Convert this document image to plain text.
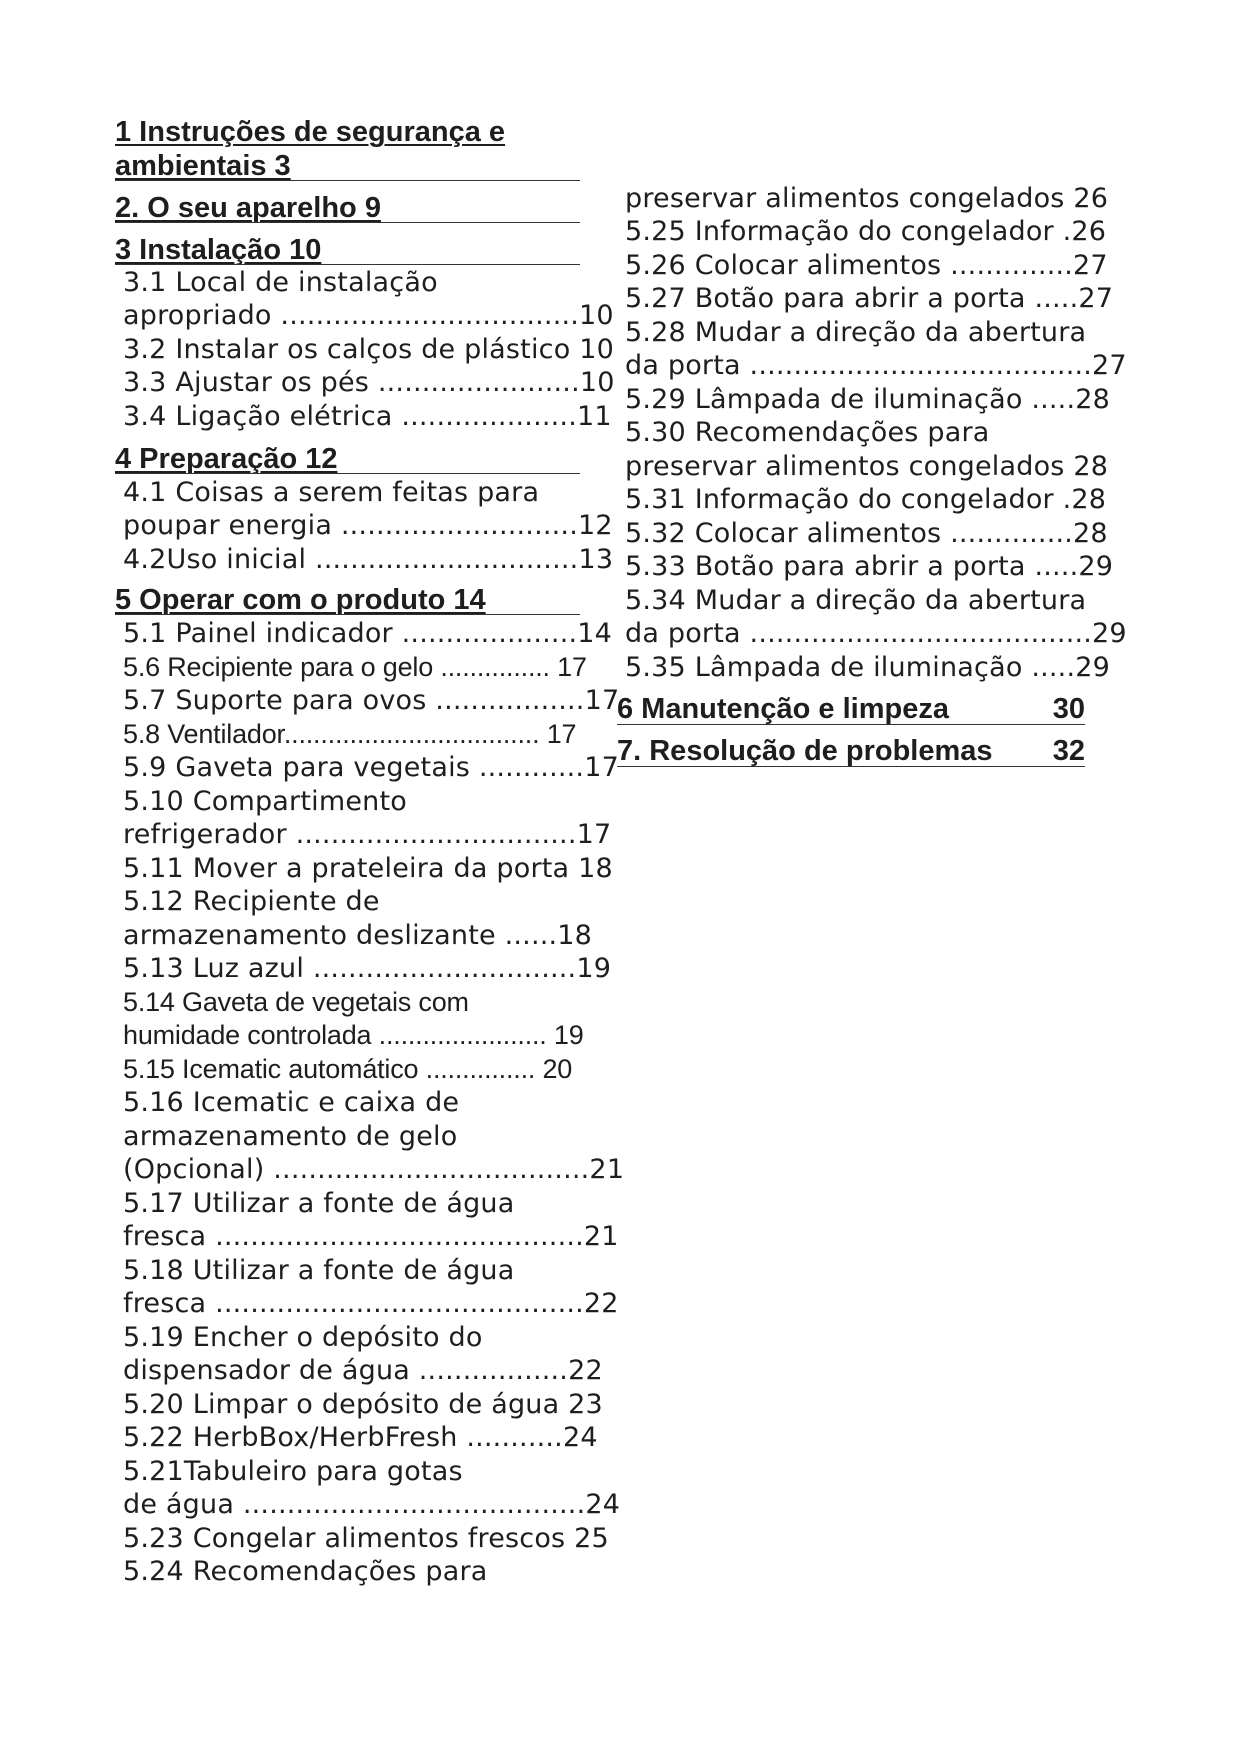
1 Instruções de segurança e
ambientais 3
2. O seu aparelho 9
3 Instalação 10
3.1 Local de instalação
apropriado ..................................10
3.2 Instalar os calços de plástico 10
3.3 Ajustar os pés .......................10
3.4 Ligação elétrica ....................11
4 Preparação 12
4.1 Coisas a serem feitas para
poupar energia ...........................12
4.2Uso inicial ..............................13
5 Operar com o produto 14
5.1 Painel indicador ....................14
5.6 Recipiente para o gelo ............... 17
5.7 Suporte para ovos .................17
5.8 Ventilador................................... 17
5.9 Gaveta para vegetais ............17
5.10 Compartimento
refrigerador ................................17
5.11 Mover a prateleira da porta 18
5.12 Recipiente de
armazenamento deslizante ......18
5.13 Luz azul ..............................19
5.14 Gaveta de vegetais com
humidade controlada ....................... 19
5.15 Icematic automático ............... 20
5.16 Icematic e caixa de
armazenamento de gelo
(Opcional) ....................................21
5.17 Utilizar a fonte de água
fresca ..........................................21
5.18 Utilizar a fonte de água
fresca ..........................................22
5.19 Encher o depósito do
dispensador de água .................22
5.20 Limpar o depósito de água 23
5.22 HerbBox/HerbFresh ...........24
5.21Tabuleiro para gotas
de água .......................................24
5.23 Congelar alimentos frescos 25
5.24 Recomendações para
preservar alimentos congelados 26
5.25 Informação do congelador .26
5.26 Colocar alimentos ..............27
5.27 Botão para abrir a porta .....27
5.28 Mudar a direção da abertura
da porta .......................................27
5.29 Lâmpada de iluminação .....28
5.30 Recomendações para
preservar alimentos congelados 28
5.31 Informação do congelador .28
5.32 Colocar alimentos ..............28
5.33 Botão para abrir a porta .....29
5.34 Mudar a direção da abertura
da porta .......................................29
5.35 Lâmpada de iluminação .....29
6 Manutenção e limpeza	30
7. Resolução de problemas 32
